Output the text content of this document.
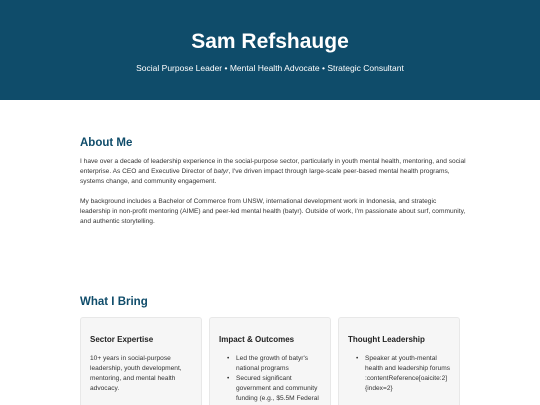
Sam Refshauge

Social Purpose Leader • Mental Health Advocate • Strategic Consultant

About Me

I have over a decade of leadership experience in the social-purpose sector, particularly in youth mental health, mentoring, and social enterprise. As CEO and Executive Director of batyr, I've driven impact through large-scale peer-based mental health programs, systems change, and community engagement.

My background includes a Bachelor of Commerce from UNSW, international development work in Indonesia, and strategic leadership in non-profit mentoring (AIME) and peer-led mental health (batyr). Outside of work, I'm passionate about surf, community, and authentic storytelling.

What I Bring
Sector Expertise

10+ years in social-purpose leadership, youth development, mentoring, and mental health advocacy.

Impact & Outcomes
• Led the growth of batyr's national programs
• Secured significant government and community funding (e.g., $5.5M Federal
Thought Leadership
• Speaker at youth-mental health and leadership forums :contentReference[oaicite:2]{index=2}
